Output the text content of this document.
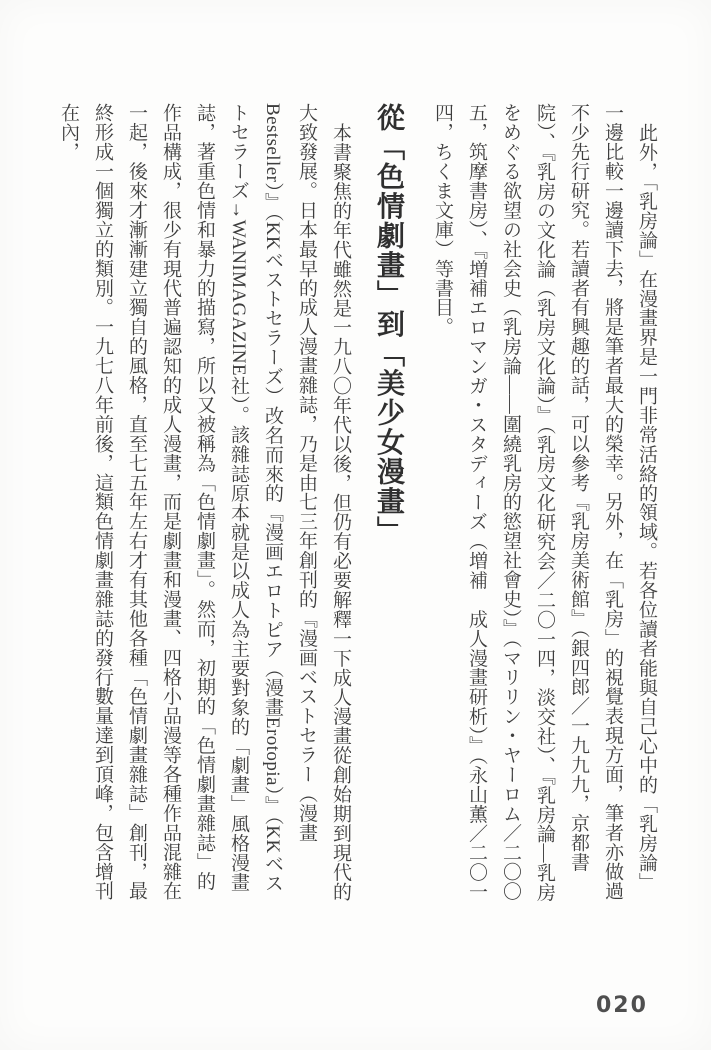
此外，「乳房論」在漫畫界是一門非常活絡的領域。若各位讀者能與自己心中的「乳房論」一邊比較一邊讀下去，將是筆者最大的榮幸。另外，在「乳房」的視覺表現方面，筆者亦做過不少先行研究。若讀者有興趣的話，可以參考『乳房美術館』（銀四郎／一九九九，京都書院）、『乳房の文化論（乳房文化論）』（乳房文化研究会／二〇一四，淡交社）、『乳房論—乳房をめぐる欲望の社会史（乳房論——圍繞乳房的慾望社會史）』（マリリン・ヤーロム／二〇〇五，筑摩書房）、『増補エロマンガ・スタディーズ（増補　成人漫畫研析）』（永山薫／二〇一四，ちくま文庫）等書目。

從「色情劇畫」到「美少女漫畫」

本書聚焦的年代雖然是一九八〇年代以後，但仍有必要解釋一下成人漫畫從創始期到現代的大致發展。日本最早的成人漫畫雜誌，乃是由七三年創刊的『漫画ベストセラー（漫畫Bestseller）』（KKベストセラーズ）改名而來的『漫画エロトピア（漫畫Erotopia）』（KKベストセラーズ→WANIMAGAZINE社）。該雜誌原本就是以成人為主要對象的「劇畫」風格漫畫誌，著重色情和暴力的描寫，所以又被稱為「色情劇畫」。然而，初期的「色情劇畫雜誌」的作品構成，很少有現代普遍認知的成人漫畫，而是劇畫和漫畫、四格小品漫等各種作品混雜在一起，後來才漸漸建立獨自的風格，直至七五年左右才有其他各種「色情劇畫雜誌」創刊，最終形成一個獨立的類別。一九七八年前後，這類色情劇畫雜誌的發行數量達到頂峰，包含增刊在內，

020
